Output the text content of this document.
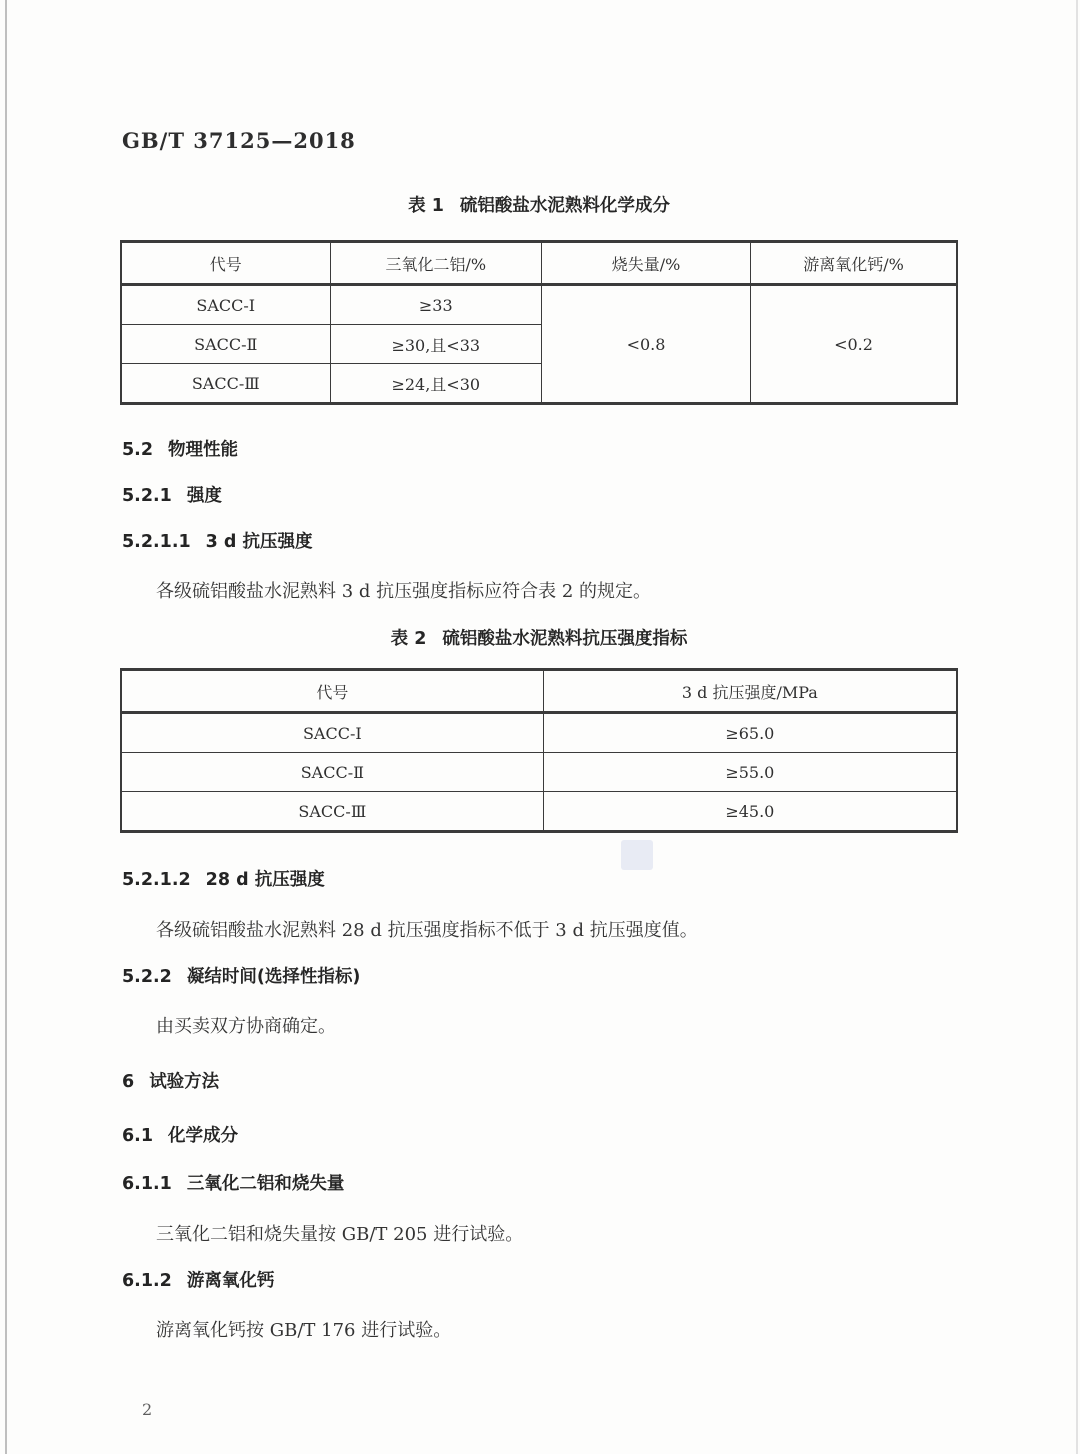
GB/T 37125—2018
表 1 硫铝酸盐水泥熟料化学成分
代号	三氧化二铝/%	烧失量/%	游离氧化钙/%
SACC-Ⅰ	≥33	<0.8	<0.2
SACC-Ⅱ	≥30,且<33		
SACC-Ⅲ	≥24,且<30		
5.2 物理性能
5.2.1 强度
5.2.1.1 3 d 抗压强度
各级硫铝酸盐水泥熟料 3 d 抗压强度指标应符合表 2 的规定。
表 2 硫铝酸盐水泥熟料抗压强度指标
代号	3 d 抗压强度/MPa
SACC-Ⅰ	≥65.0
SACC-Ⅱ	≥55.0
SACC-Ⅲ	≥45.0
5.2.1.2 28 d 抗压强度
各级硫铝酸盐水泥熟料 28 d 抗压强度指标不低于 3 d 抗压强度值。
5.2.2 凝结时间(选择性指标)
由买卖双方协商确定。
6 试验方法
6.1 化学成分
6.1.1 三氧化二铝和烧失量
三氧化二铝和烧失量按 GB/T 205 进行试验。
6.1.2 游离氧化钙
游离氧化钙按 GB/T 176 进行试验。
2
